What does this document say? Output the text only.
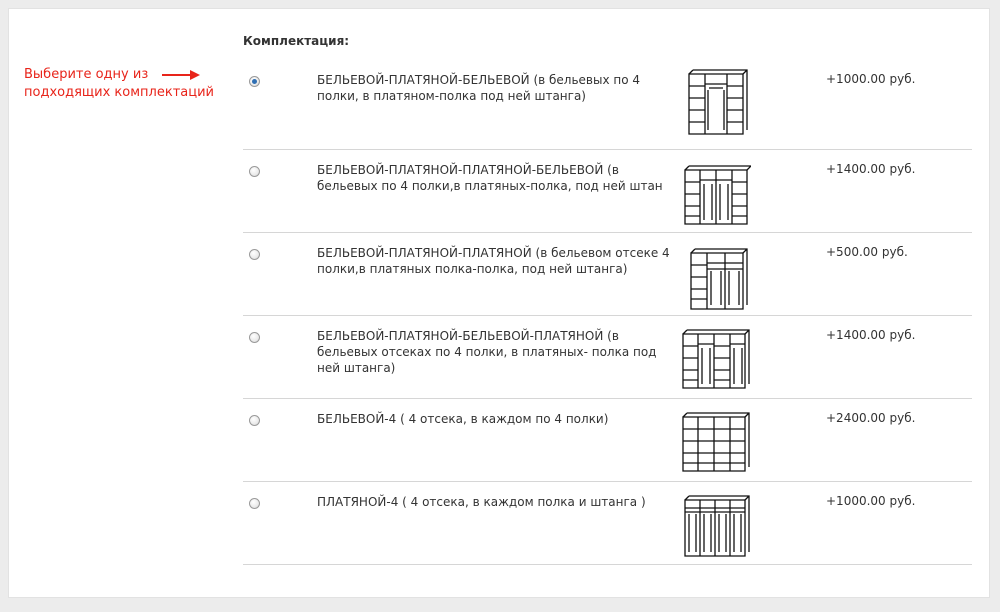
Комплектация:
Выберите одну из подходящих комплектаций
БЕЛЬЕВОЙ-ПЛАТЯНОЙ-БЕЛЬЕВОЙ (в бельевых по 4 полки, в платяном-полка под ней штанга)
+1000.00 руб.
БЕЛЬЕВОЙ-ПЛАТЯНОЙ-ПЛАТЯНОЙ-БЕЛЬЕВОЙ (в бельевых по 4 полки,в платяных-полка, под ней штан
+1400.00 руб.
БЕЛЬЕВОЙ-ПЛАТЯНОЙ-ПЛАТЯНОЙ (в бельевом отсеке 4 полки,в платяных полка-полка, под ней штанга)
+500.00 руб.
БЕЛЬЕВОЙ-ПЛАТЯНОЙ-БЕЛЬЕВОЙ-ПЛАТЯНОЙ (в бельевых отсеках по 4 полки, в платяных- полка под ней штанга)
+1400.00 руб.
БЕЛЬЕВОЙ-4 ( 4 отсека, в каждом по 4 полки)	+2400.00 руб.
ПЛАТЯНОЙ-4 ( 4 отсека, в каждом полка и штанга )	+1000.00 руб.
